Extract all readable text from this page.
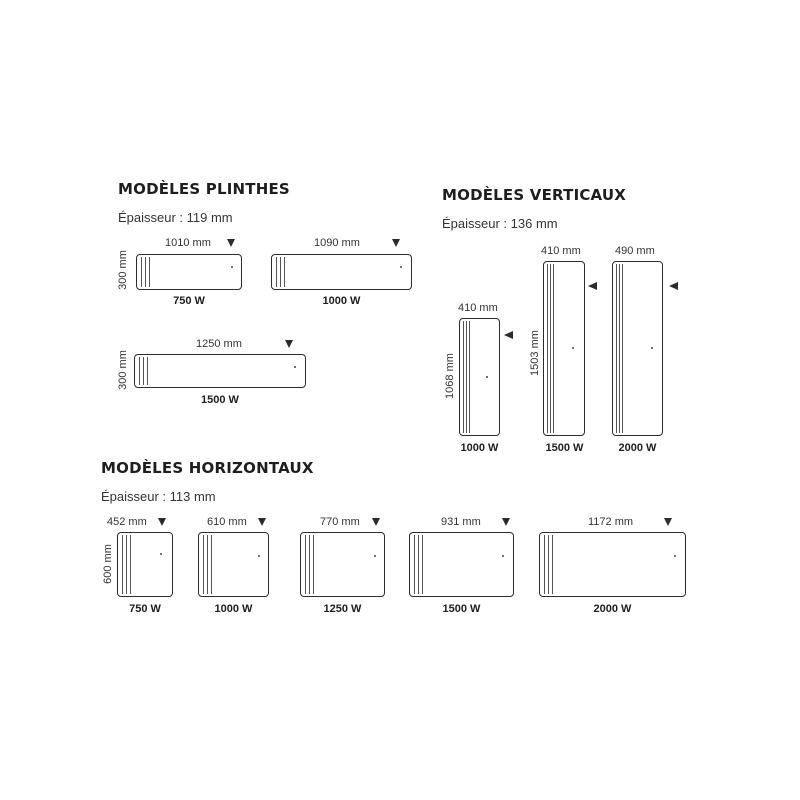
MODÈLES PLINTHES
Épaisseur : 119 mm
1010 mm
300 mm
750 W
1090 mm
1000 W
1250 mm
300 mm
1500 W
MODÈLES VERTICAUX
Épaisseur : 136 mm
410 mm
1068 mm
1000 W
410 mm
1503 mm
1500 W
490 mm
2000 W
MODÈLES HORIZONTAUX
Épaisseur : 113 mm
600 mm
452 mm
750 W
610 mm
1000 W
770 mm
1250 W
931 mm
1500 W
1172 mm
2000 W
